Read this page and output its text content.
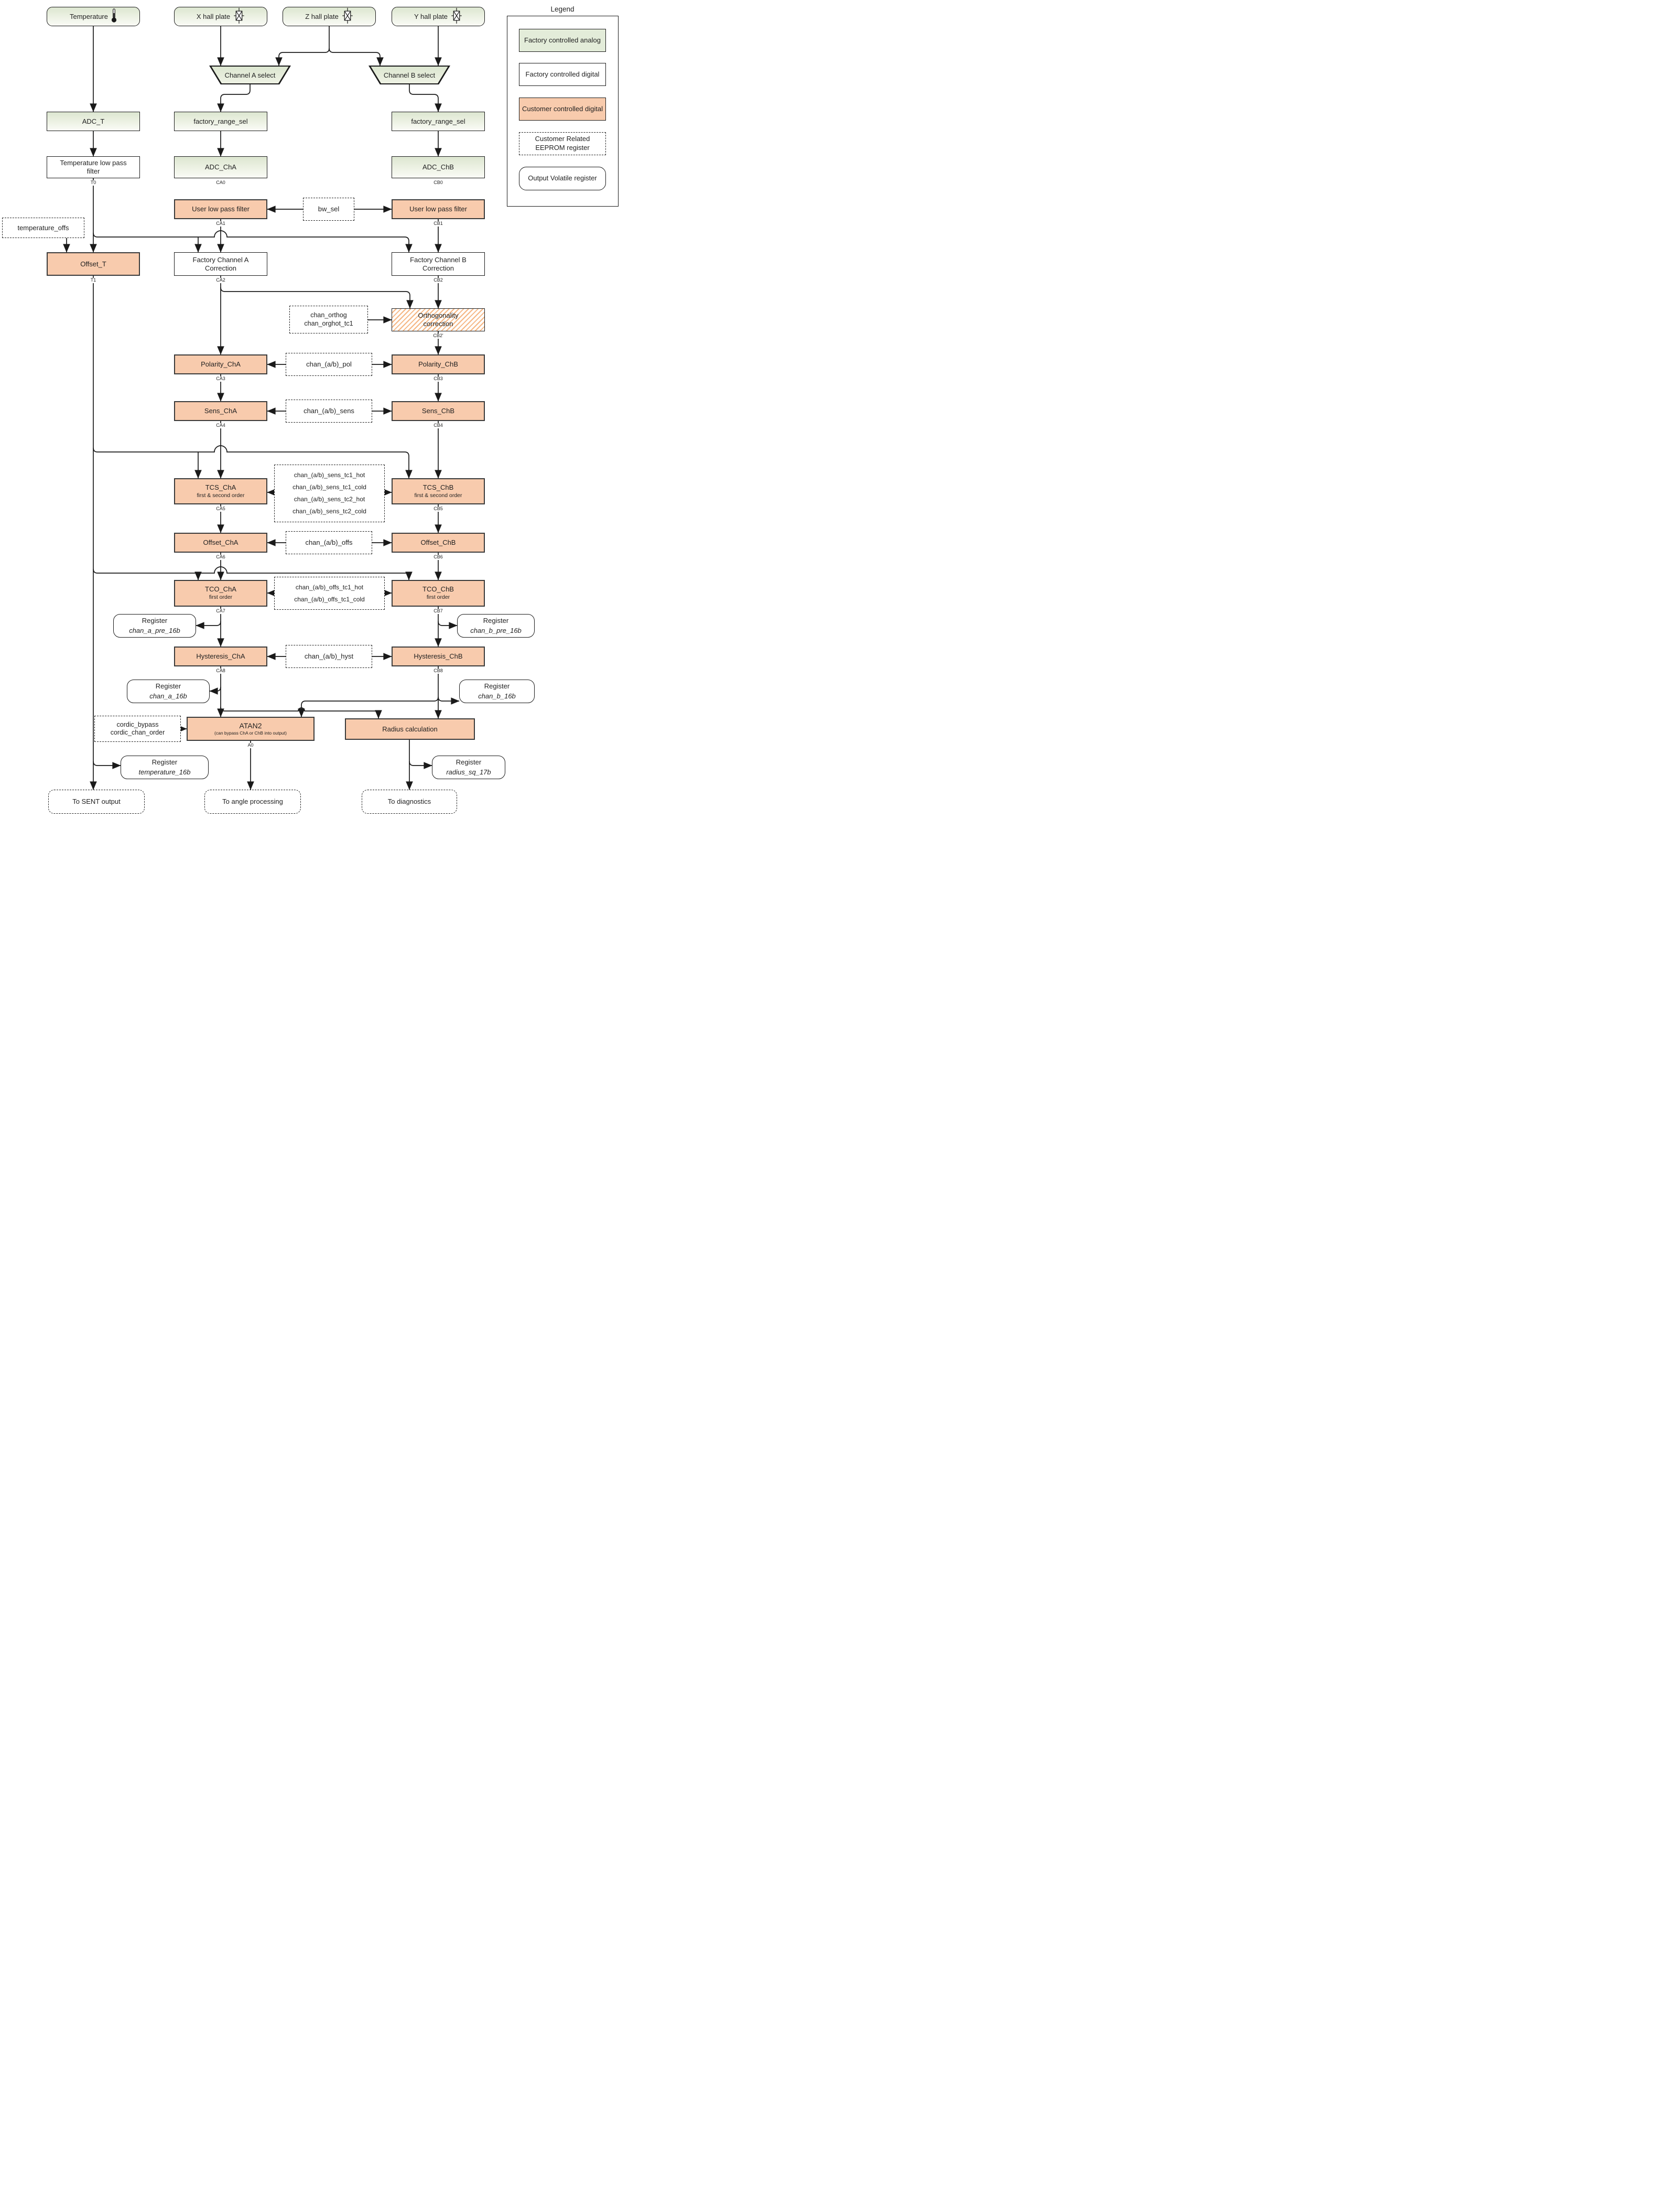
Temperature	X hall plate	Z hall plate	Y hall plate
Channel A select	Channel B select
ADC_T	factory_range_sel	factory_range_sel
Temperature low pass filter
ADC_ChA	ADC_ChB
User low pass filter	bw_sel	User low pass filter
temperature_offs
Offset_T
Factory Channel A Correction
Factory Channel B Correction
chan_orthog
chan_orghot_tc1
Orthogonality correction
Polarity_ChA	chan_(a/b)_pol	Polarity_ChB
Sens_ChA	chan_(a/b)_sens	Sens_ChB
TCS_ChA
first & second order
chan_(a/b)_sens_tc1_hot
chan_(a/b)_sens_tc1_cold
chan_(a/b)_sens_tc2_hot
chan_(a/b)_sens_tc2_cold
TCS_ChB
first & second order
Offset_ChA	chan_(a/b)_offs	Offset_ChB
TCO_ChA
first order
chan_(a/b)_offs_tc1_hot
chan_(a/b)_offs_tc1_cold
TCO_ChB
first order
Register
chan_a_pre_16b
Register
chan_b_pre_16b
Hysteresis_ChA	chan_(a/b)_hyst	Hysteresis_ChB
Register
chan_a_16b
Register
chan_b_16b
cordic_bypass
cordic_chan_order
ATAN2
(can bypass ChA or ChB into output)
Radius calculation
Register
temperature_16b
Register
radius_sq_17b
To SENT output	To angle processing	To diagnostics
T0	CA0	CB0
CA1	CB1
T1	CA2	CB2
CB2'
CA3	CB3
CA4	CB4
CA5	CB5
CA6	CB6
CA7	CB7
CA8	CB8
A0
Legend
Factory controlled analog
Factory controlled digital
Customer controlled digital
Customer Related EEPROM register
Output Volatile register
